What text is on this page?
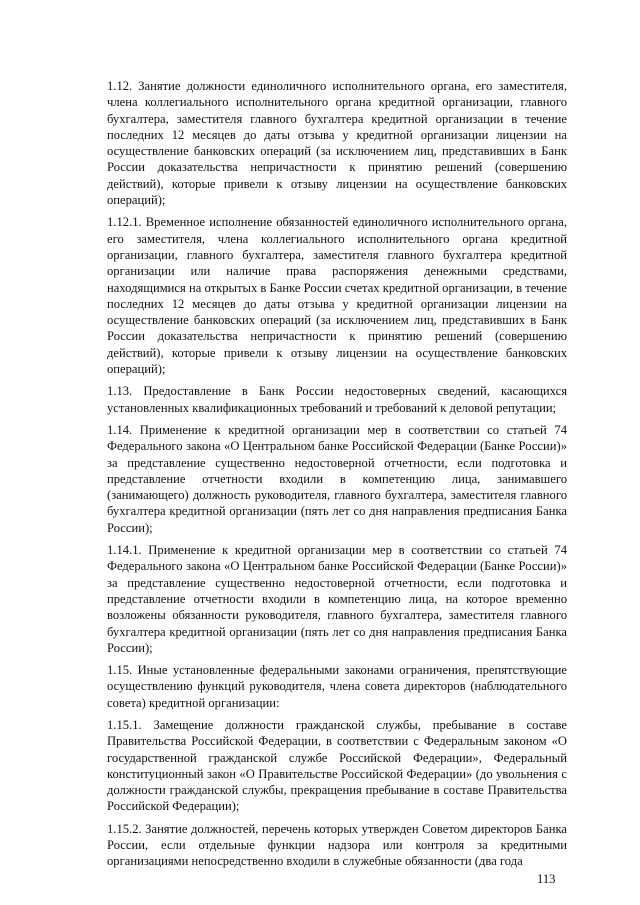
1.12. Занятие должности единоличного исполнительного органа, его заместителя, члена коллегиального исполнительного органа кредитной организации, главного бухгалтера, заместителя главного бухгалтера кредитной организации в течение последних 12 месяцев до даты отзыва у кредитной организации лицензии на осуществление банковских операций (за исключением лиц, представивших в Банк России доказательства непричастности к принятию решений (совершению действий), которые привели к отзыву лицензии на осуществление банковских операций);

1.12.1. Временное исполнение обязанностей единоличного исполнительного органа, его заместителя, члена коллегиального исполнительного органа кредитной организации, главного бухгалтера, заместителя главного бухгалтера кредитной организации или наличие права распоряжения денежными средствами, находящимися на открытых в Банке России счетах кредитной организации, в течение последних 12 месяцев до даты отзыва у кредитной организации лицензии на осуществление банковских операций (за исключением лиц, представивших в Банк России доказательства непричастности к принятию решений (совершению действий), которые привели к отзыву лицензии на осуществление банковских операций);

1.13. Предоставление в Банк России недостоверных сведений, касающихся установленных квалификационных требований и требований к деловой репутации;

1.14. Применение к кредитной организации мер в соответствии со статьей 74 Федерального закона «О Центральном банке Российской Федерации (Банке России)» за представление существенно недостоверной отчетности, если подготовка и представление отчетности входили в компетенцию лица, занимавшего (занимающего) должность руководителя, главного бухгалтера, заместителя главного бухгалтера кредитной организации (пять лет со дня направления предписания Банка России);

1.14.1. Применение к кредитной организации мер в соответствии со статьей 74 Федерального закона «О Центральном банке Российской Федерации (Банке России)» за представление существенно недостоверной отчетности, если подготовка и представление отчетности входили в компетенцию лица, на которое временно возложены обязанности руководителя, главного бухгалтера, заместителя главного бухгалтера кредитной организации (пять лет со дня направления предписания Банка России);

1.15. Иные установленные федеральными законами ограничения, препятствующие осуществлению функций руководителя, члена совета директоров (наблюдательного совета) кредитной организации:

1.15.1. Замещение должности гражданской службы, пребывание в составе Правительства Российской Федерации, в соответствии с Федеральным законом «О государственной гражданской службе Российской Федерации», Федеральный конституционный закон «О Правительстве Российской Федерации» (до увольнения с должности гражданской службы, прекращения пребывание в составе Правительства Российской Федерации);

1.15.2. Занятие должностей, перечень которых утвержден Советом директоров Банка России, если отдельные функции надзора или контроля за кредитными организациями непосредственно входили в служебные обязанности (два года

113
